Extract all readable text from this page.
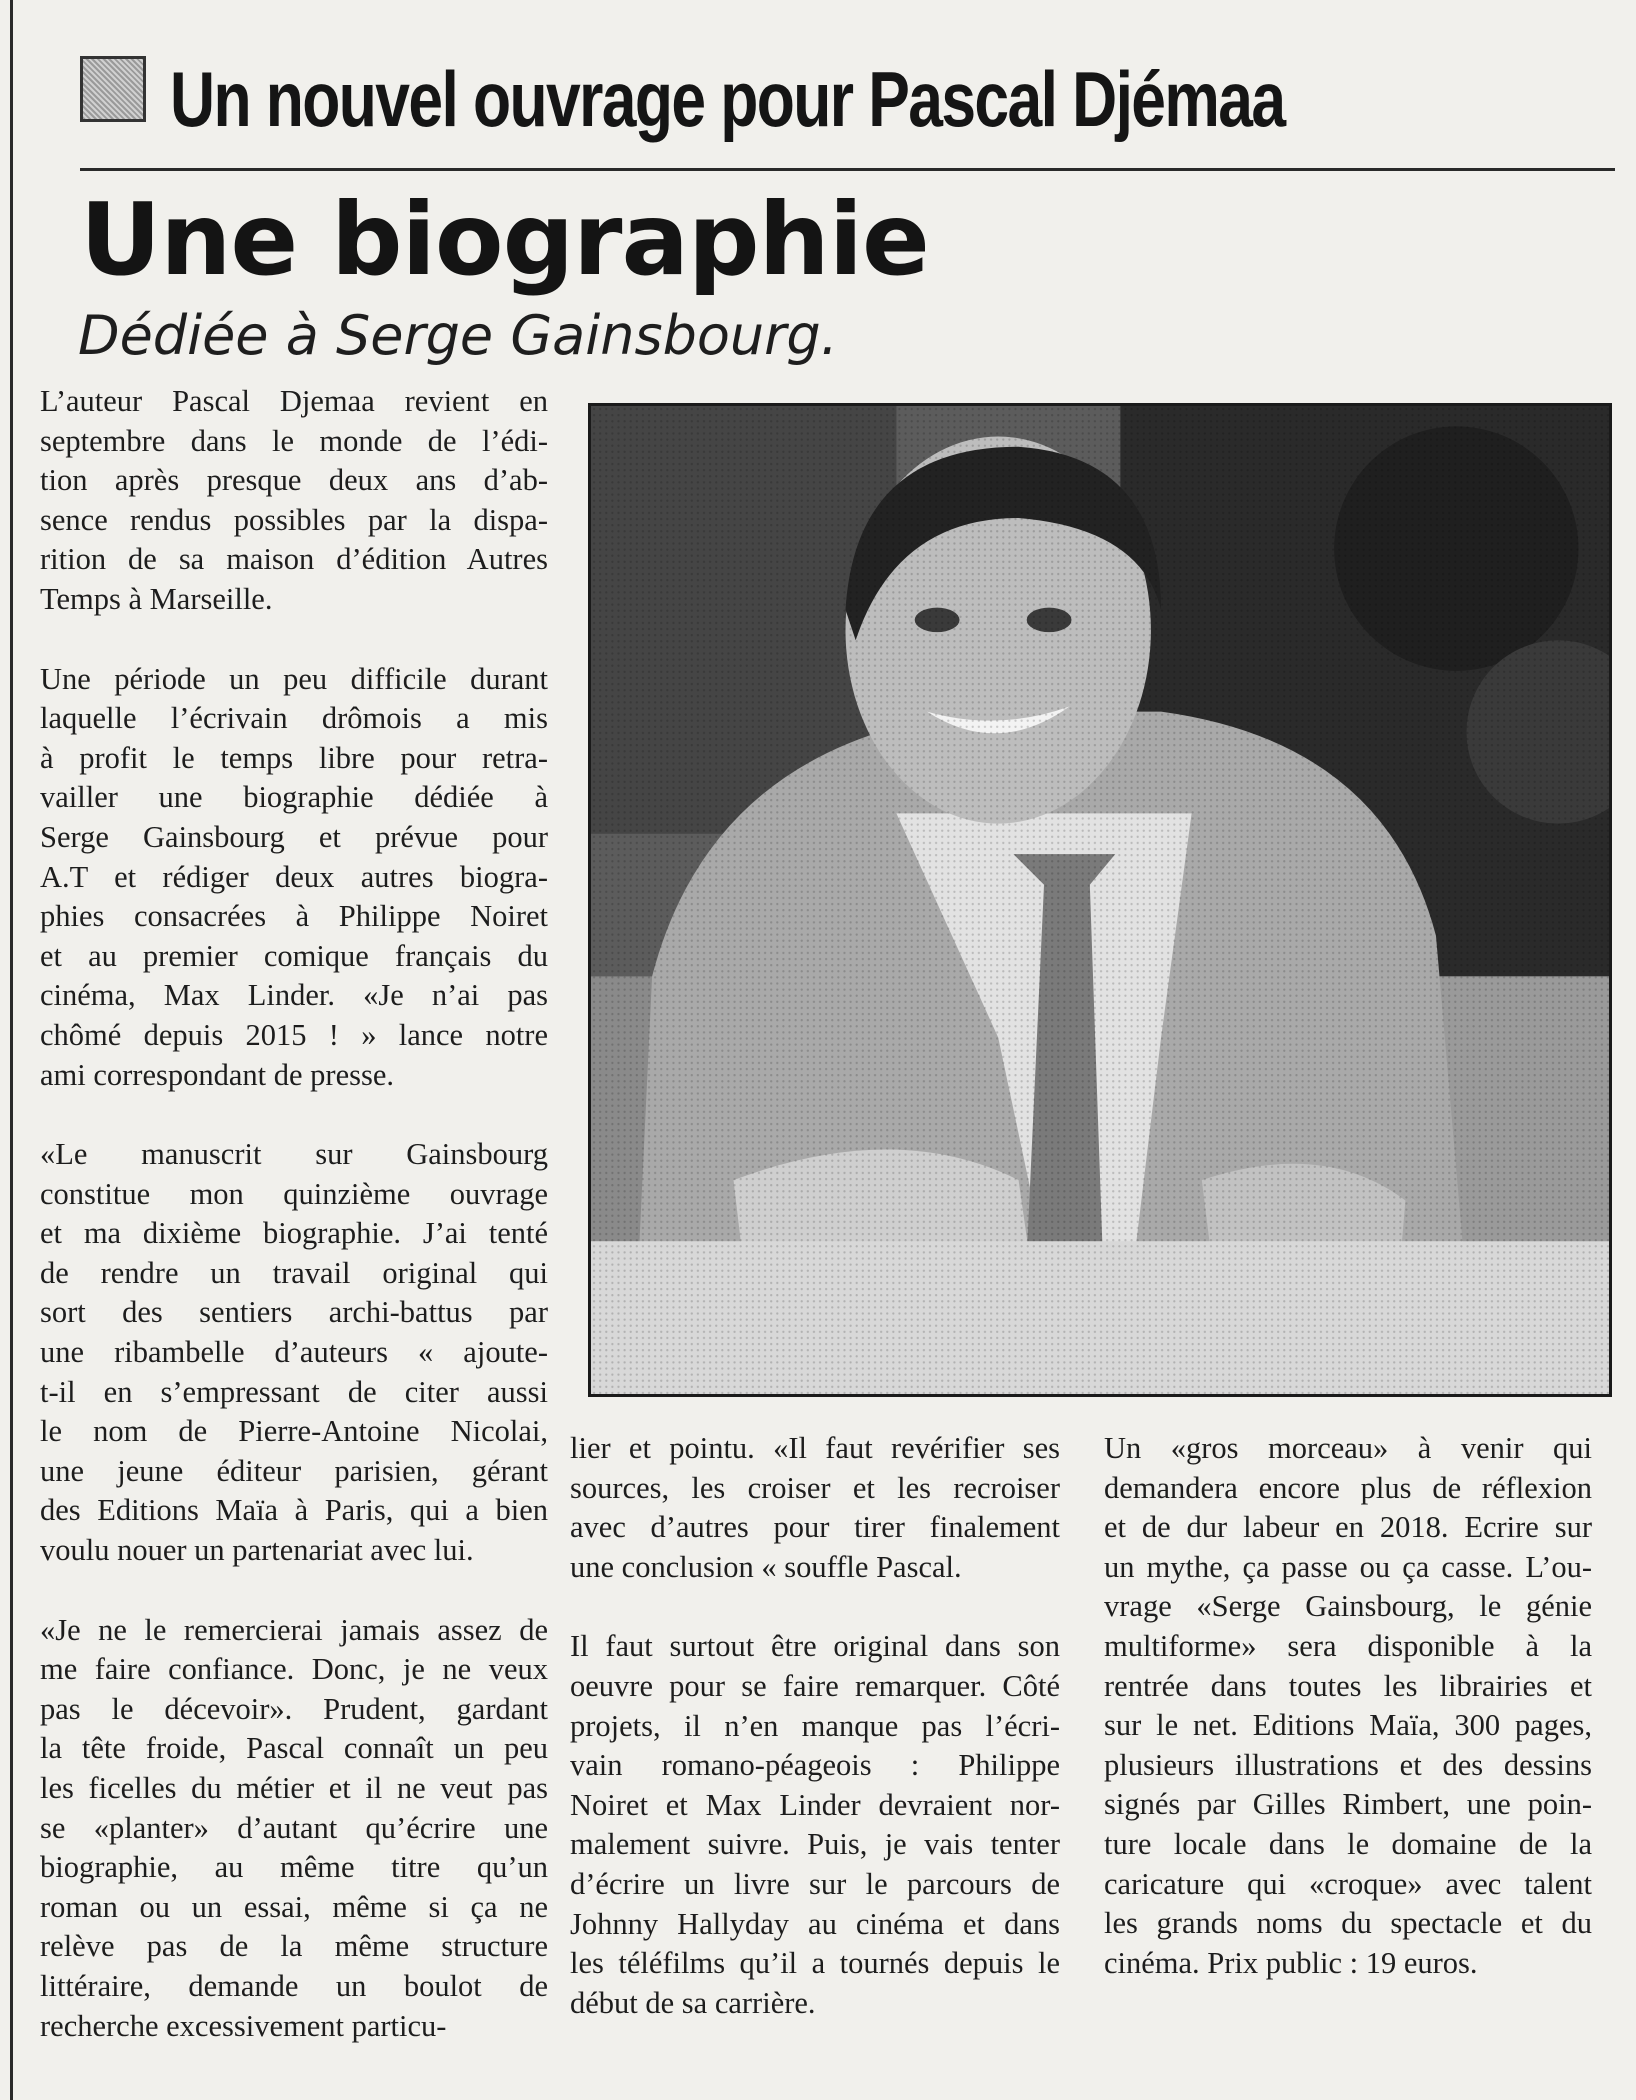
Un nouvel ouvrage pour Pascal Djémaa
Une biographie
Dédiée à Serge Gainsbourg.

L’auteur Pascal Djemaa revient en

septembre dans le monde de l’édi-

tion après presque deux ans d’ab-

sence rendus possibles par la dispa-

rition de sa maison d’édition Autres

Temps à Marseille.

Une période un peu difficile durant

laquelle l’écrivain drômois a mis

à profit le temps libre pour retra-

vailler une biographie dédiée à

Serge Gainsbourg et prévue pour

A.T et rédiger deux autres biogra-

phies consacrées à Philippe Noiret

et au premier comique français du

cinéma, Max Linder. «Je n’ai pas

chômé depuis 2015 ! » lance notre

ami correspondant de presse.

«Le manuscrit sur Gainsbourg

constitue mon quinzième ouvrage

et ma dixième biographie. J’ai tenté

de rendre un travail original qui

sort des sentiers archi-battus par

une ribambelle d’auteurs « ajoute-

t-il en s’empressant de citer aussi

le nom de Pierre-Antoine Nicolai,

une jeune éditeur parisien, gérant

des Editions Maïa à Paris, qui a bien

voulu nouer un partenariat avec lui.

«Je ne le remercierai jamais assez de

me faire confiance. Donc, je ne veux

pas le décevoir». Prudent, gardant

la tête froide, Pascal connaît un peu

les ficelles du métier et il ne veut pas

se «planter» d’autant qu’écrire une

biographie, au même titre qu’un

roman ou un essai, même si ça ne

relève pas de la même structure

littéraire, demande un boulot de

recherche excessivement particu-

lier et pointu. «Il faut revérifier ses

sources, les croiser et les recroiser

avec d’autres pour tirer finalement

une conclusion « souffle Pascal.

Il faut surtout être original dans son

oeuvre pour se faire remarquer. Côté

projets, il n’en manque pas l’écri-

vain romano-péageois : Philippe

Noiret et Max Linder devraient nor-

malement suivre. Puis, je vais tenter

d’écrire un livre sur le parcours de

Johnny Hallyday au cinéma et dans

les téléfilms qu’il a tournés depuis le

début de sa carrière.

Un «gros morceau» à venir qui

demandera encore plus de réflexion

et de dur labeur en 2018. Ecrire sur

un mythe, ça passe ou ça casse. L’ou-

vrage «Serge Gainsbourg, le génie

multiforme» sera disponible à la

rentrée dans toutes les librairies et

sur le net. Editions Maïa, 300 pages,

plusieurs illustrations et des dessins

signés par Gilles Rimbert, une poin-

ture locale dans le domaine de la

caricature qui «croque» avec talent

les grands noms du spectacle et du

cinéma. Prix public : 19 euros.
